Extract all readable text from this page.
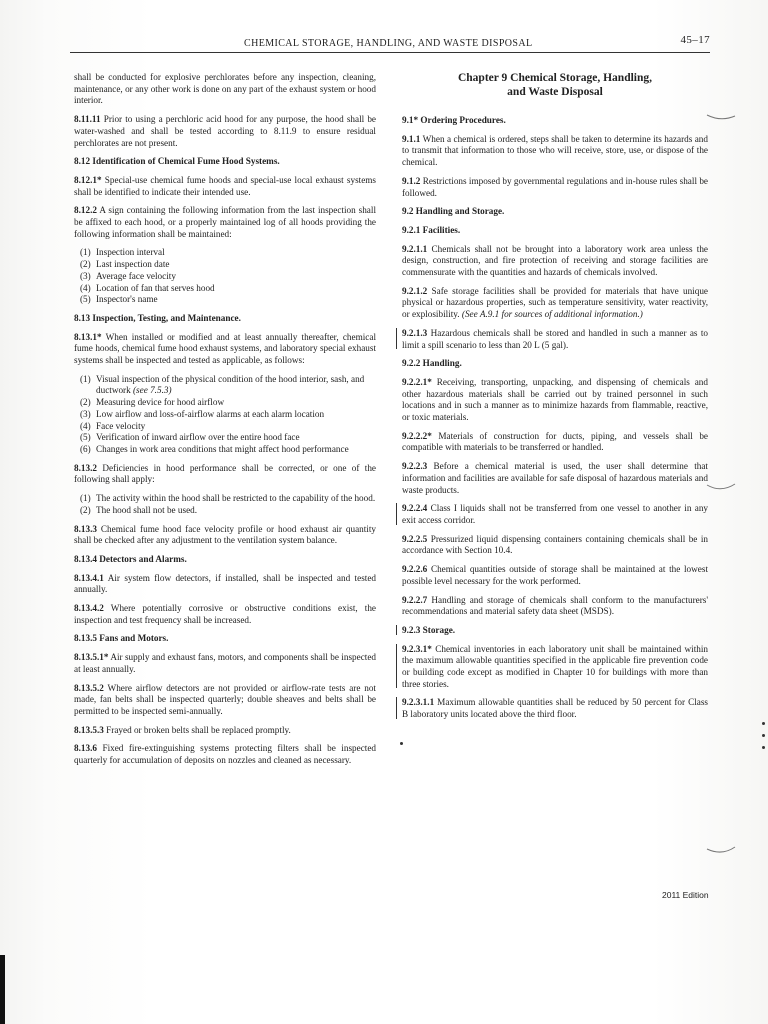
CHEMICAL STORAGE, HANDLING, AND WASTE DISPOSAL	45–17

shall be conducted for explosive perchlorates before any inspection, cleaning, maintenance, or any other work is done on any part of the exhaust system or hood interior.

8.11.11 Prior to using a perchloric acid hood for any purpose, the hood shall be water-washed and shall be tested according to 8.11.9 to ensure residual perchlorates are not present.

8.12 Identification of Chemical Fume Hood Systems.

8.12.1* Special-use chemical fume hoods and special-use local exhaust systems shall be identified to indicate their intended use.

8.12.2 A sign containing the following information from the last inspection shall be affixed to each hood, or a properly maintained log of all hoods providing the following information shall be maintained:

(1) Inspection interval
(2) Last inspection date
(3) Average face velocity
(4) Location of fan that serves hood
(5) Inspector's name
8.13 Inspection, Testing, and Maintenance.

8.13.1* When installed or modified and at least annually thereafter, chemical fume hoods, chemical fume hood exhaust systems, and laboratory special exhaust systems shall be inspected and tested as applicable, as follows:

(1) Visual inspection of the physical condition of the hood interior, sash, and ductwork (see 7.5.3)
(2) Measuring device for hood airflow
(3) Low airflow and loss-of-airflow alarms at each alarm location
(4) Face velocity
(5) Verification of inward airflow over the entire hood face
(6) Changes in work area conditions that might affect hood performance

8.13.2 Deficiencies in hood performance shall be corrected, or one of the following shall apply:

(1) The activity within the hood shall be restricted to the capability of the hood.
(2) The hood shall not be used.

8.13.3 Chemical fume hood face velocity profile or hood exhaust air quantity shall be checked after any adjustment to the ventilation system balance.

8.13.4 Detectors and Alarms.

8.13.4.1 Air system flow detectors, if installed, shall be inspected and tested annually.

8.13.4.2 Where potentially corrosive or obstructive conditions exist, the inspection and test frequency shall be increased.

8.13.5 Fans and Motors.

8.13.5.1* Air supply and exhaust fans, motors, and components shall be inspected at least annually.

8.13.5.2 Where airflow detectors are not provided or airflow-rate tests are not made, fan belts shall be inspected quarterly; double sheaves and belts shall be permitted to be inspected semi-annually.

8.13.5.3 Frayed or broken belts shall be replaced promptly.

8.13.6 Fixed fire-extinguishing systems protecting filters shall be inspected quarterly for accumulation of deposits on nozzles and cleaned as necessary.

Chapter 9 Chemical Storage, Handling,
and Waste Disposal
9.1* Ordering Procedures.

9.1.1 When a chemical is ordered, steps shall be taken to determine its hazards and to transmit that information to those who will receive, store, use, or dispose of the chemical.

9.1.2 Restrictions imposed by governmental regulations and in-house rules shall be followed.

9.2 Handling and Storage.
9.2.1 Facilities.

9.2.1.1 Chemicals shall not be brought into a laboratory work area unless the design, construction, and fire protection of receiving and storage facilities are commensurate with the quantities and hazards of chemicals involved.

9.2.1.2 Safe storage facilities shall be provided for materials that have unique physical or hazardous properties, such as temperature sensitivity, water reactivity, or explosibility. (See A.9.1 for sources of additional information.)

9.2.1.3 Hazardous chemicals shall be stored and handled in such a manner as to limit a spill scenario to less than 20 L (5 gal).

9.2.2 Handling.

9.2.2.1* Receiving, transporting, unpacking, and dispensing of chemicals and other hazardous materials shall be carried out by trained personnel in such locations and in such a manner as to minimize hazards from flammable, reactive, or toxic materials.

9.2.2.2* Materials of construction for ducts, piping, and vessels shall be compatible with materials to be transferred or handled.

9.2.2.3 Before a chemical material is used, the user shall determine that information and facilities are available for safe disposal of hazardous materials and waste products.

9.2.2.4 Class I liquids shall not be transferred from one vessel to another in any exit access corridor.

9.2.2.5 Pressurized liquid dispensing containers containing chemicals shall be in accordance with Section 10.4.

9.2.2.6 Chemical quantities outside of storage shall be maintained at the lowest possible level necessary for the work performed.

9.2.2.7 Handling and storage of chemicals shall conform to the manufacturers' recommendations and material safety data sheet (MSDS).

9.2.3 Storage.

9.2.3.1* Chemical inventories in each laboratory unit shall be maintained within the maximum allowable quantities specified in the applicable fire prevention code or building code except as modified in Chapter 10 for buildings with more than three stories.

9.2.3.1.1 Maximum allowable quantities shall be reduced by 50 percent for Class B laboratory units located above the third floor.

2011 Edition
